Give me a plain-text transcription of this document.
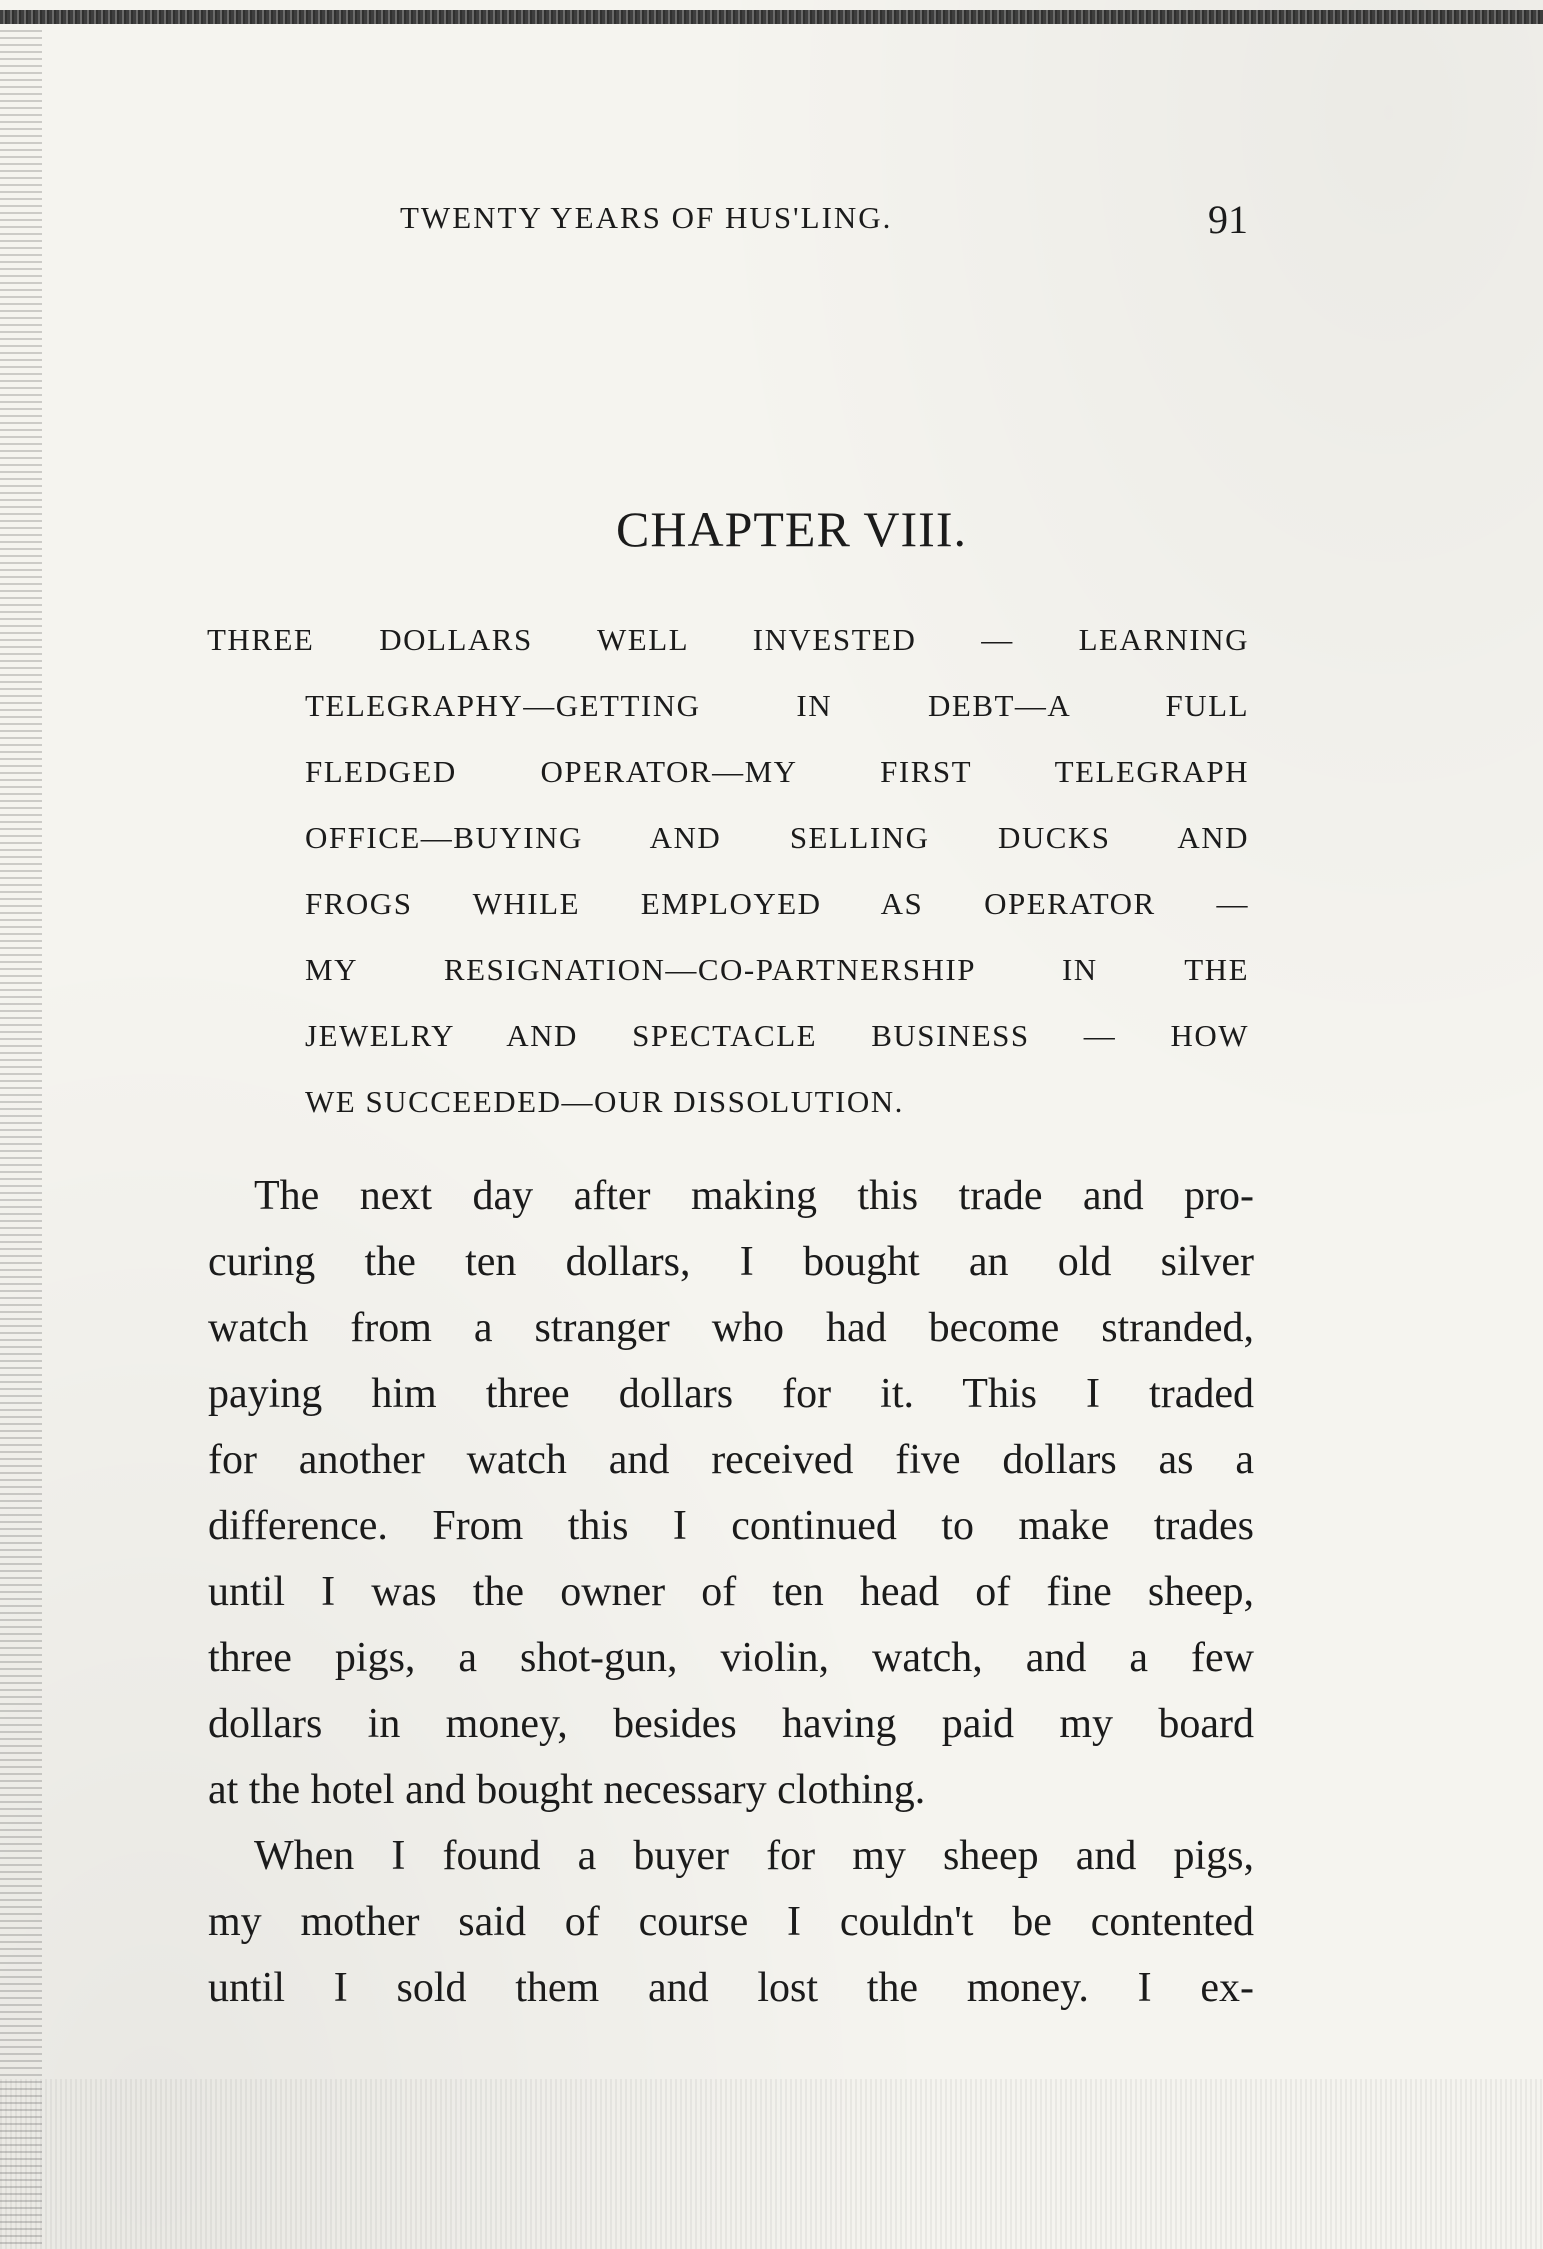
TWENTY YEARS OF HUS'LING.	91
CHAPTER VIII.
THREE DOLLARS WELL INVESTED — LEARNING
TELEGRAPHY—GETTING IN DEBT—A FULL
FLEDGED OPERATOR—MY FIRST TELEGRAPH
OFFICE—BUYING AND SELLING DUCKS AND
FROGS WHILE EMPLOYED AS OPERATOR —
MY RESIGNATION—CO-PARTNERSHIP IN THE
JEWELRY AND SPECTACLE BUSINESS — HOW
WE SUCCEEDED—OUR DISSOLUTION.
The next day after making this trade and pro-
curing the ten dollars, I bought an old silver
watch from a stranger who had become stranded,
paying him three dollars for it. This I traded
for another watch and received five dollars as a
difference. From this I continued to make trades
until I was the owner of ten head of fine sheep,
three pigs, a shot-gun, violin, watch, and a few
dollars in money, besides having paid my board
at the hotel and bought necessary clothing.
When I found a buyer for my sheep and pigs,
my mother said of course I couldn't be contented
until I sold them and lost the money. I ex-
